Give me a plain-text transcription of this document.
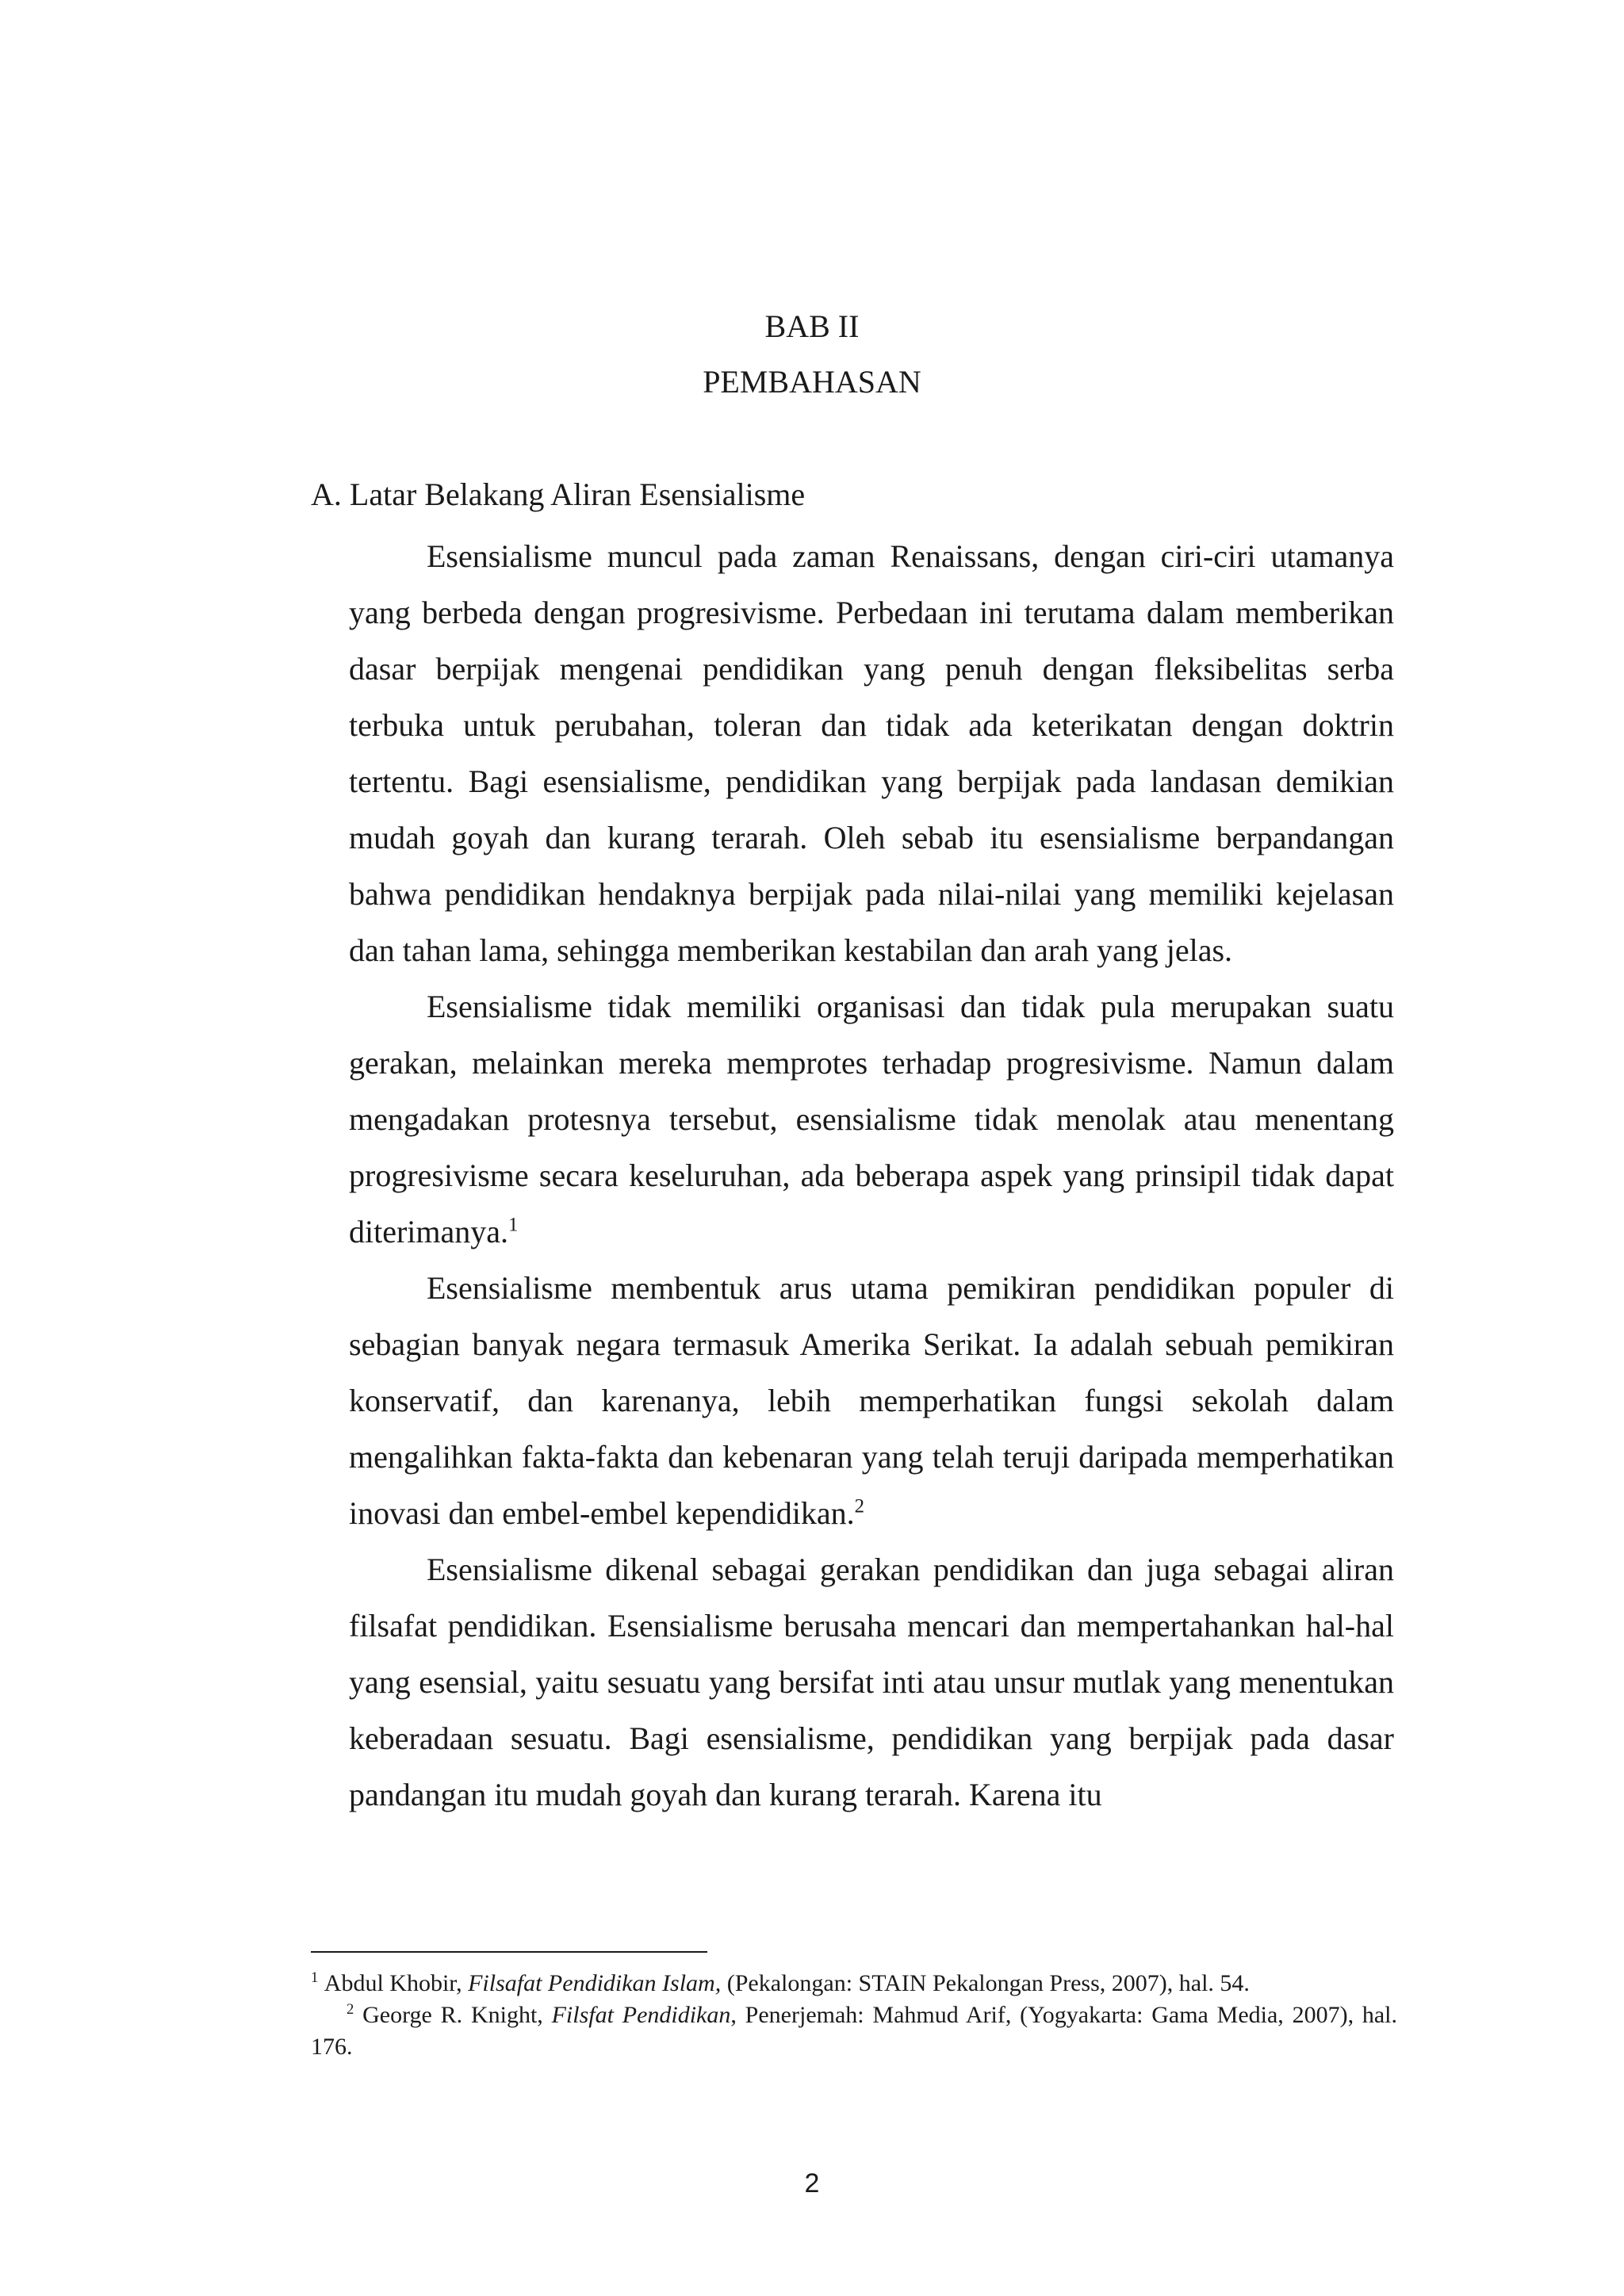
BAB II
PEMBAHASAN
A. Latar Belakang Aliran Esensialisme

Esensialisme muncul pada zaman Renaissans, dengan ciri-ciri utamanya yang berbeda dengan progresivisme. Perbedaan ini terutama dalam memberikan dasar berpijak mengenai pendidikan yang penuh dengan fleksibelitas serba terbuka untuk perubahan, toleran dan tidak ada keterikatan dengan doktrin tertentu. Bagi esensialisme, pendidikan yang berpijak pada landasan demikian mudah goyah dan kurang terarah. Oleh sebab itu esensialisme berpandangan bahwa pendidikan hendaknya berpijak pada nilai-nilai yang memiliki kejelasan dan tahan lama, sehingga memberikan kestabilan dan arah yang jelas.

Esensialisme tidak memiliki organisasi dan tidak pula merupakan suatu gerakan, melainkan mereka memprotes terhadap progresivisme. Namun dalam mengadakan protesnya tersebut, esensialisme tidak menolak atau menentang progresivisme secara keseluruhan, ada beberapa aspek yang prinsipil tidak dapat diterimanya.$^1$

Esensialisme membentuk arus utama pemikiran pendidikan populer di sebagian banyak negara termasuk Amerika Serikat. Ia adalah sebuah pemikiran konservatif, dan karenanya, lebih memperhatikan fungsi sekolah dalam mengalihkan fakta-fakta dan kebenaran yang telah teruji daripada memperhatikan inovasi dan embel-embel kependidikan.$^2$

Esensialisme dikenal sebagai gerakan pendidikan dan juga sebagai aliran filsafat pendidikan. Esensialisme berusaha mencari dan mempertahankan hal-hal yang esensial, yaitu sesuatu yang bersifat inti atau unsur mutlak yang menentukan keberadaan sesuatu. Bagi esensialisme, pendidikan yang berpijak pada dasar pandangan itu mudah goyah dan kurang terarah. Karena itu

$^1$ Abdul Khobir, Filsafat Pendidikan Islam, (Pekalongan: STAIN Pekalongan Press, 2007), hal. 54.

$^2$ George R. Knight, Filsfat Pendidikan, Penerjemah: Mahmud Arif, (Yogyakarta: Gama Media, 2007), hal. 176.

2
